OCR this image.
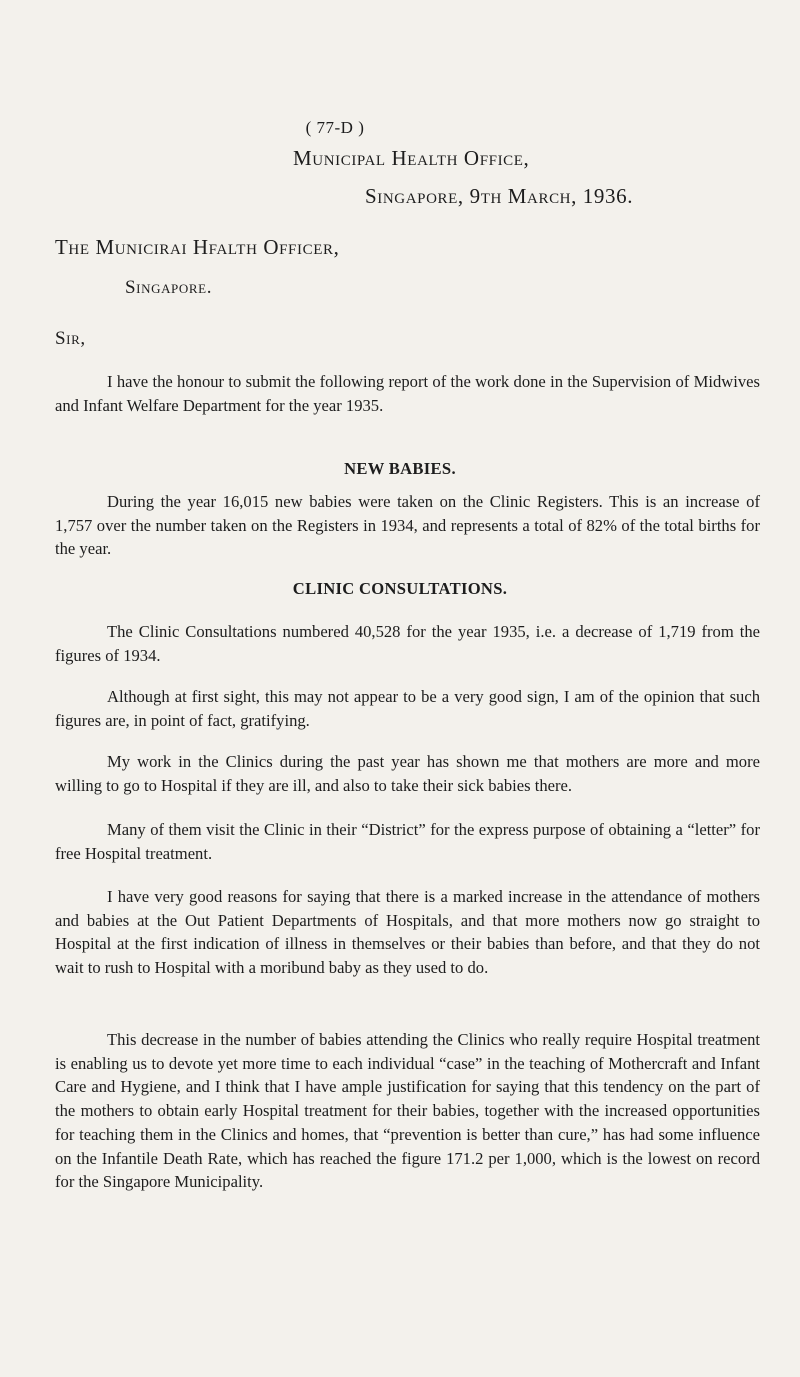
( 77-D )
Municipal Health Office,
Singapore, 9th March, 1936.
The Municirai Hfalth Officer,
Singapore.
Sir,

I have the honour to submit the following report of the work done in the Supervision of Midwives and Infant Welfare Department for the year 1935.

NEW BABIES.

During the year 16,015 new babies were taken on the Clinic Registers. This is an increase of 1,757 over the number taken on the Registers in 1934, and represents a total of 82% of the total births for the year.

CLINIC CONSULTATIONS.

The Clinic Consultations numbered 40,528 for the year 1935, i.e. a decrease of 1,719 from the figures of 1934.

Although at first sight, this may not appear to be a very good sign, I am of the opinion that such figures are, in point of fact, gratifying.

My work in the Clinics during the past year has shown me that mothers are more and more willing to go to Hospital if they are ill, and also to take their sick babies there.

Many of them visit the Clinic in their “District” for the express purpose of obtaining a “letter” for free Hospital treatment.

I have very good reasons for saying that there is a marked increase in the attendance of mothers and babies at the Out Patient Departments of Hospitals, and that more mothers now go straight to Hospital at the first indication of illness in themselves or their babies than before, and that they do not wait to rush to Hospital with a moribund baby as they used to do.

This decrease in the number of babies attending the Clinics who really require Hospital treatment is enabling us to devote yet more time to each individual “case” in the teaching of Mothercraft and Infant Care and Hygiene, and I think that I have ample justification for saying that this tendency on the part of the mothers to obtain early Hospital treatment for their babies, together with the increased opportunities for teaching them in the Clinics and homes, that “prevention is better than cure,” has had some influence on the Infantile Death Rate, which has reached the figure 171.2 per 1,000, which is the lowest on record for the Singapore Municipality.
